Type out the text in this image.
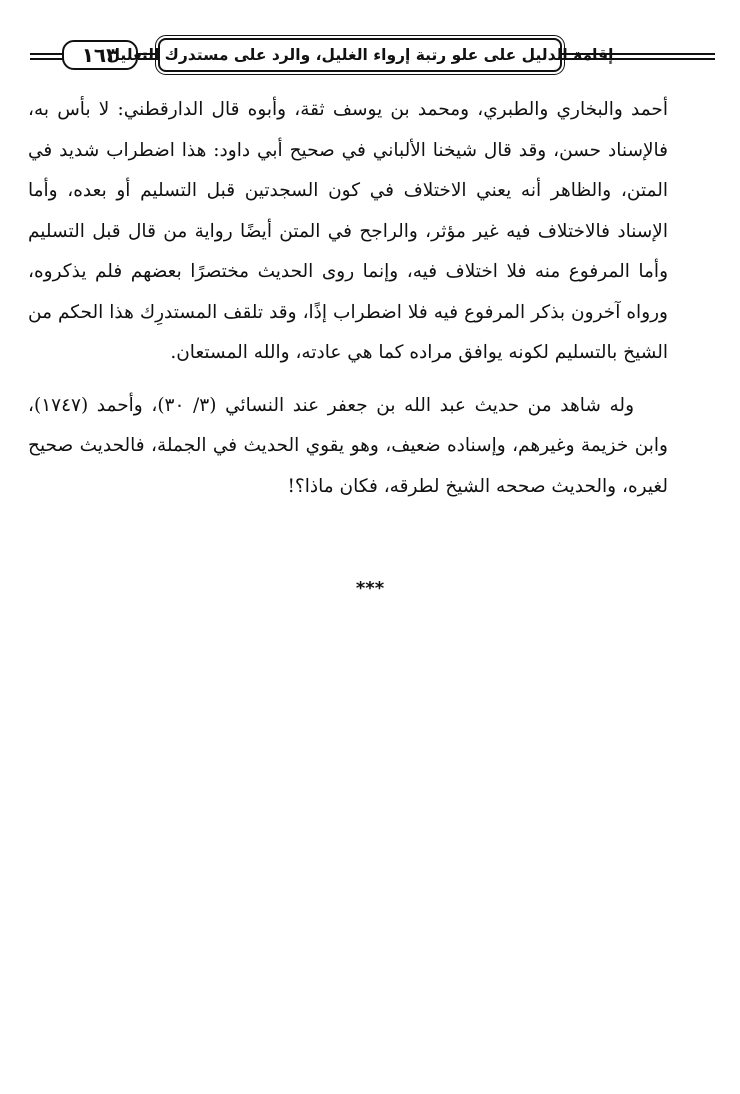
١٦٣
إقامة الدليل على علو رتبة إرواء الغليل، والرد على مستدرك التعليل

أحمد والبخاري والطبري، ومحمد بن يوسف ثقة، وأبوه قال الدارقطني: لا بأس به، فالإسناد حسن، وقد قال شيخنا الألباني في صحيح أبي داود: هذا اضطراب شديد في المتن، والظاهر أنه يعني الاختلاف في كون السجدتين قبل التسليم أو بعده، وأما الإسناد فالاختلاف فيه غير مؤثر، والراجح في المتن أيضًا رواية من قال قبل التسليم وأما المرفوع منه فلا اختلاف فيه، وإنما روى الحديث مختصرًا بعضهم فلم يذكروه، ورواه آخرون بذكر المرفوع فيه فلا اضطراب إذًا، وقد تلقف المستدرِك هذا الحكم من الشيخ بالتسليم لكونه يوافق مراده كما هي عادته، والله المستعان.

وله شاهد من حديث عبد الله بن جعفر عند النسائي (٣/ ٣٠)، وأحمد (١٧٤٧)، وابن خزيمة وغيرهم، وإسناده ضعيف، وهو يقوي الحديث في الجملة، فالحديث صحيح لغيره، والحديث صححه الشيخ لطرقه، فكان ماذا؟!

***
